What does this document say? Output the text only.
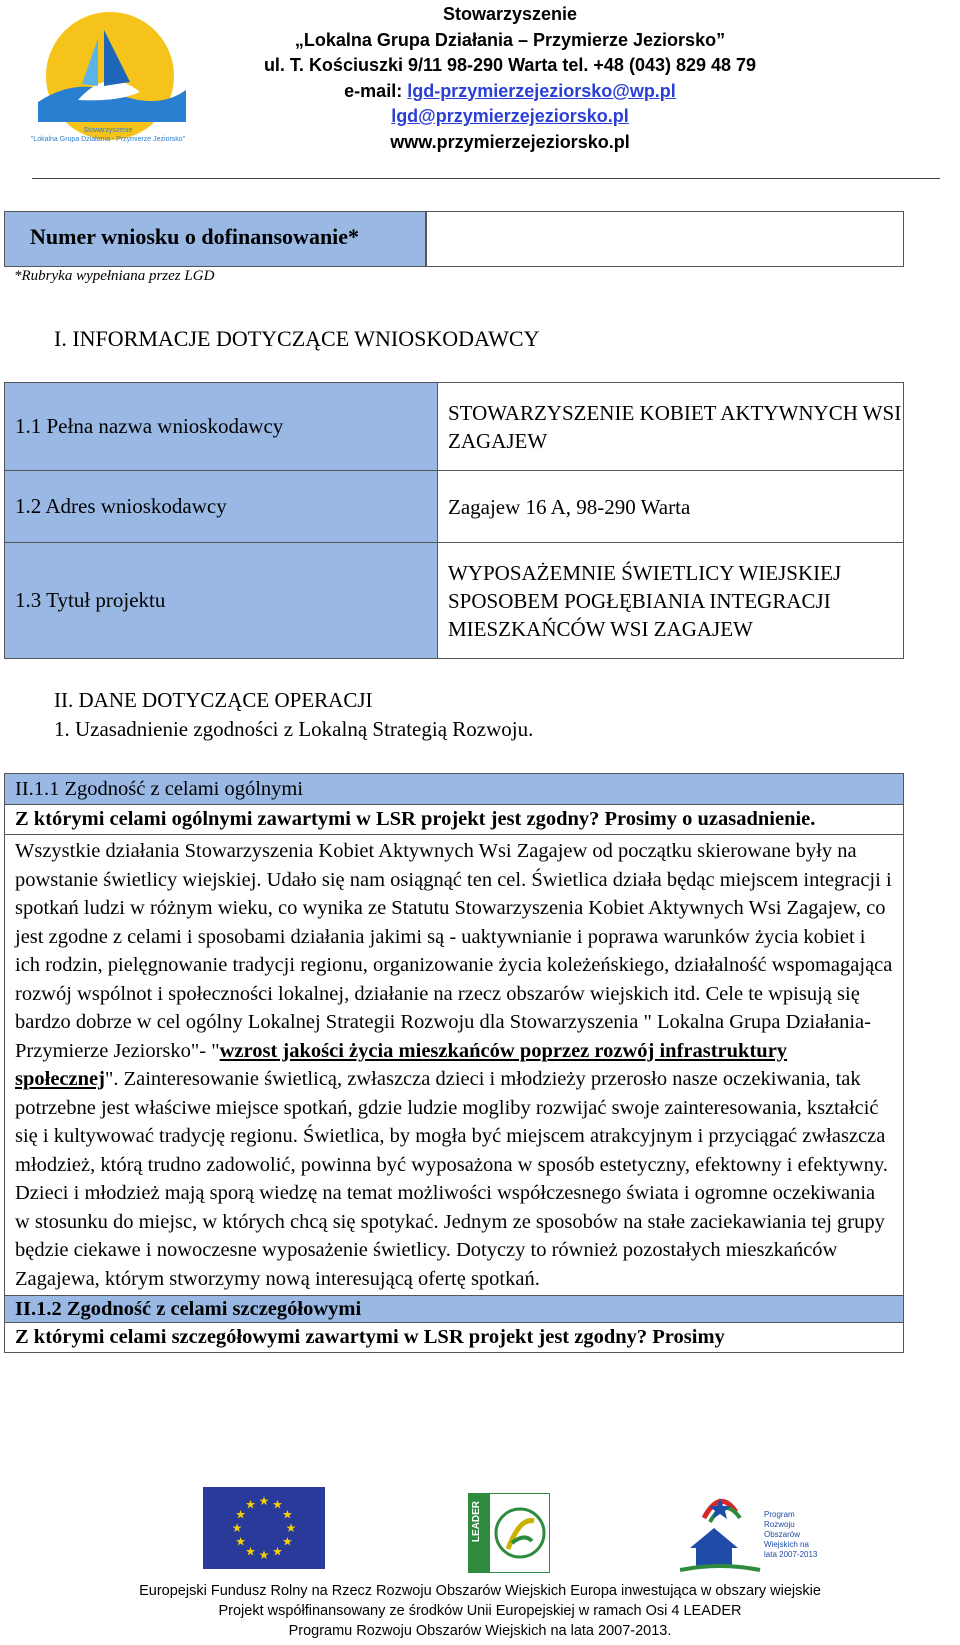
Stowarzyszenie
"Lokalna Grupa Działania - Przymierze Jeziorsko"
Stowarzyszenie
„Lokalna Grupa Działania – Przymierze Jeziorsko”
ul. T. Kościuszki 9/11 98-290 Warta tel. +48 (043) 829 48 79
e-mail: lgd-przymierzejeziorsko@wp.pl
lgd@przymierzejeziorsko.pl
www.przymierzejeziorsko.pl
Numer wniosku o dofinansowanie*
*Rubryka wypełniana przez LGD
I. INFORMACJE DOTYCZĄCE WNIOSKODAWCY
1.1 Pełna nazwa wnioskodawcy	STOWARZYSZENIE KOBIET AKTYWNYCH WSI ZAGAJEW
1.2 Adres wnioskodawcy	Zagajew 16 A, 98-290 Warta
1.3 Tytuł projektu	WYPOSAŻEMNIE ŚWIETLICY WIEJSKIEJ SPOSOBEM POGŁĘBIANIA INTEGRACJI MIESZKAŃCÓW WSI ZAGAJEW
II. DANE DOTYCZĄCE OPERACJI
1. Uzasadnienie zgodności z Lokalną Strategią Rozwoju.
II.1.1 Zgodność z celami ogólnymi
Z którymi celami ogólnymi zawartymi w LSR projekt jest zgodny? Prosimy o uzasadnienie.
Wszystkie działania Stowarzyszenia Kobiet Aktywnych Wsi Zagajew od początku skierowane były na powstanie świetlicy wiejskiej. Udało się nam osiągnąć ten cel. Świetlica działa będąc miejscem integracji i spotkań ludzi w różnym wieku, co wynika ze Statutu Stowarzyszenia Kobiet Aktywnych Wsi Zagajew, co jest zgodne z celami i sposobami działania jakimi są - uaktywnianie i poprawa warunków życia kobiet i ich rodzin, pielęgnowanie tradycji regionu, organizowanie życia koleżeńskiego, działalność wspomagająca rozwój wspólnot i społeczności lokalnej, działanie na rzecz obszarów wiejskich itd. Cele te wpisują się bardzo dobrze w cel ogólny Lokalnej Strategii Rozwoju dla Stowarzyszenia " Lokalna Grupa Działania- Przymierze Jeziorsko"- "wzrost jakości życia mieszkańców poprzez rozwój infrastruktury społecznej". Zainteresowanie świetlicą, zwłaszcza dzieci i młodzieży przerosło nasze oczekiwania, tak potrzebne jest właściwe miejsce spotkań, gdzie ludzie mogliby rozwijać swoje zainteresowania, kształcić się i kultywować tradycję regionu. Świetlica, by mogła być miejscem atrakcyjnym i przyciągać zwłaszcza młodzież, którą trudno zadowolić, powinna być wyposażona w sposób estetyczny, efektowny i efektywny. Dzieci i młodzież mają sporą wiedzę na temat możliwości współczesnego świata i ogromne oczekiwania w stosunku do miejsc, w których chcą się spotykać. Jednym ze sposobów na stałe zaciekawiania tej grupy będzie ciekawe i nowoczesne wyposażenie świetlicy. Dotyczy to również pozostałych mieszkańców Zagajewa, którym stworzymy nową interesującą ofertę spotkań.
II.1.2 Zgodność z celami szczegółowymi
Z którymi celami szczegółowymi zawartymi w LSR projekt jest zgodny? Prosimy
★ ★
★
★
★
★
★
★
★
★
★
★	LEADER	Program Rozwoju Obszarów Wiejskich na lata 2007-2013
Europejski Fundusz Rolny na Rzecz Rozwoju Obszarów Wiejskich Europa inwestująca w obszary wiejskie
Projekt współfinansowany ze środków Unii Europejskiej w ramach Osi 4 LEADER
Programu Rozwoju Obszarów Wiejskich na lata 2007-2013.
